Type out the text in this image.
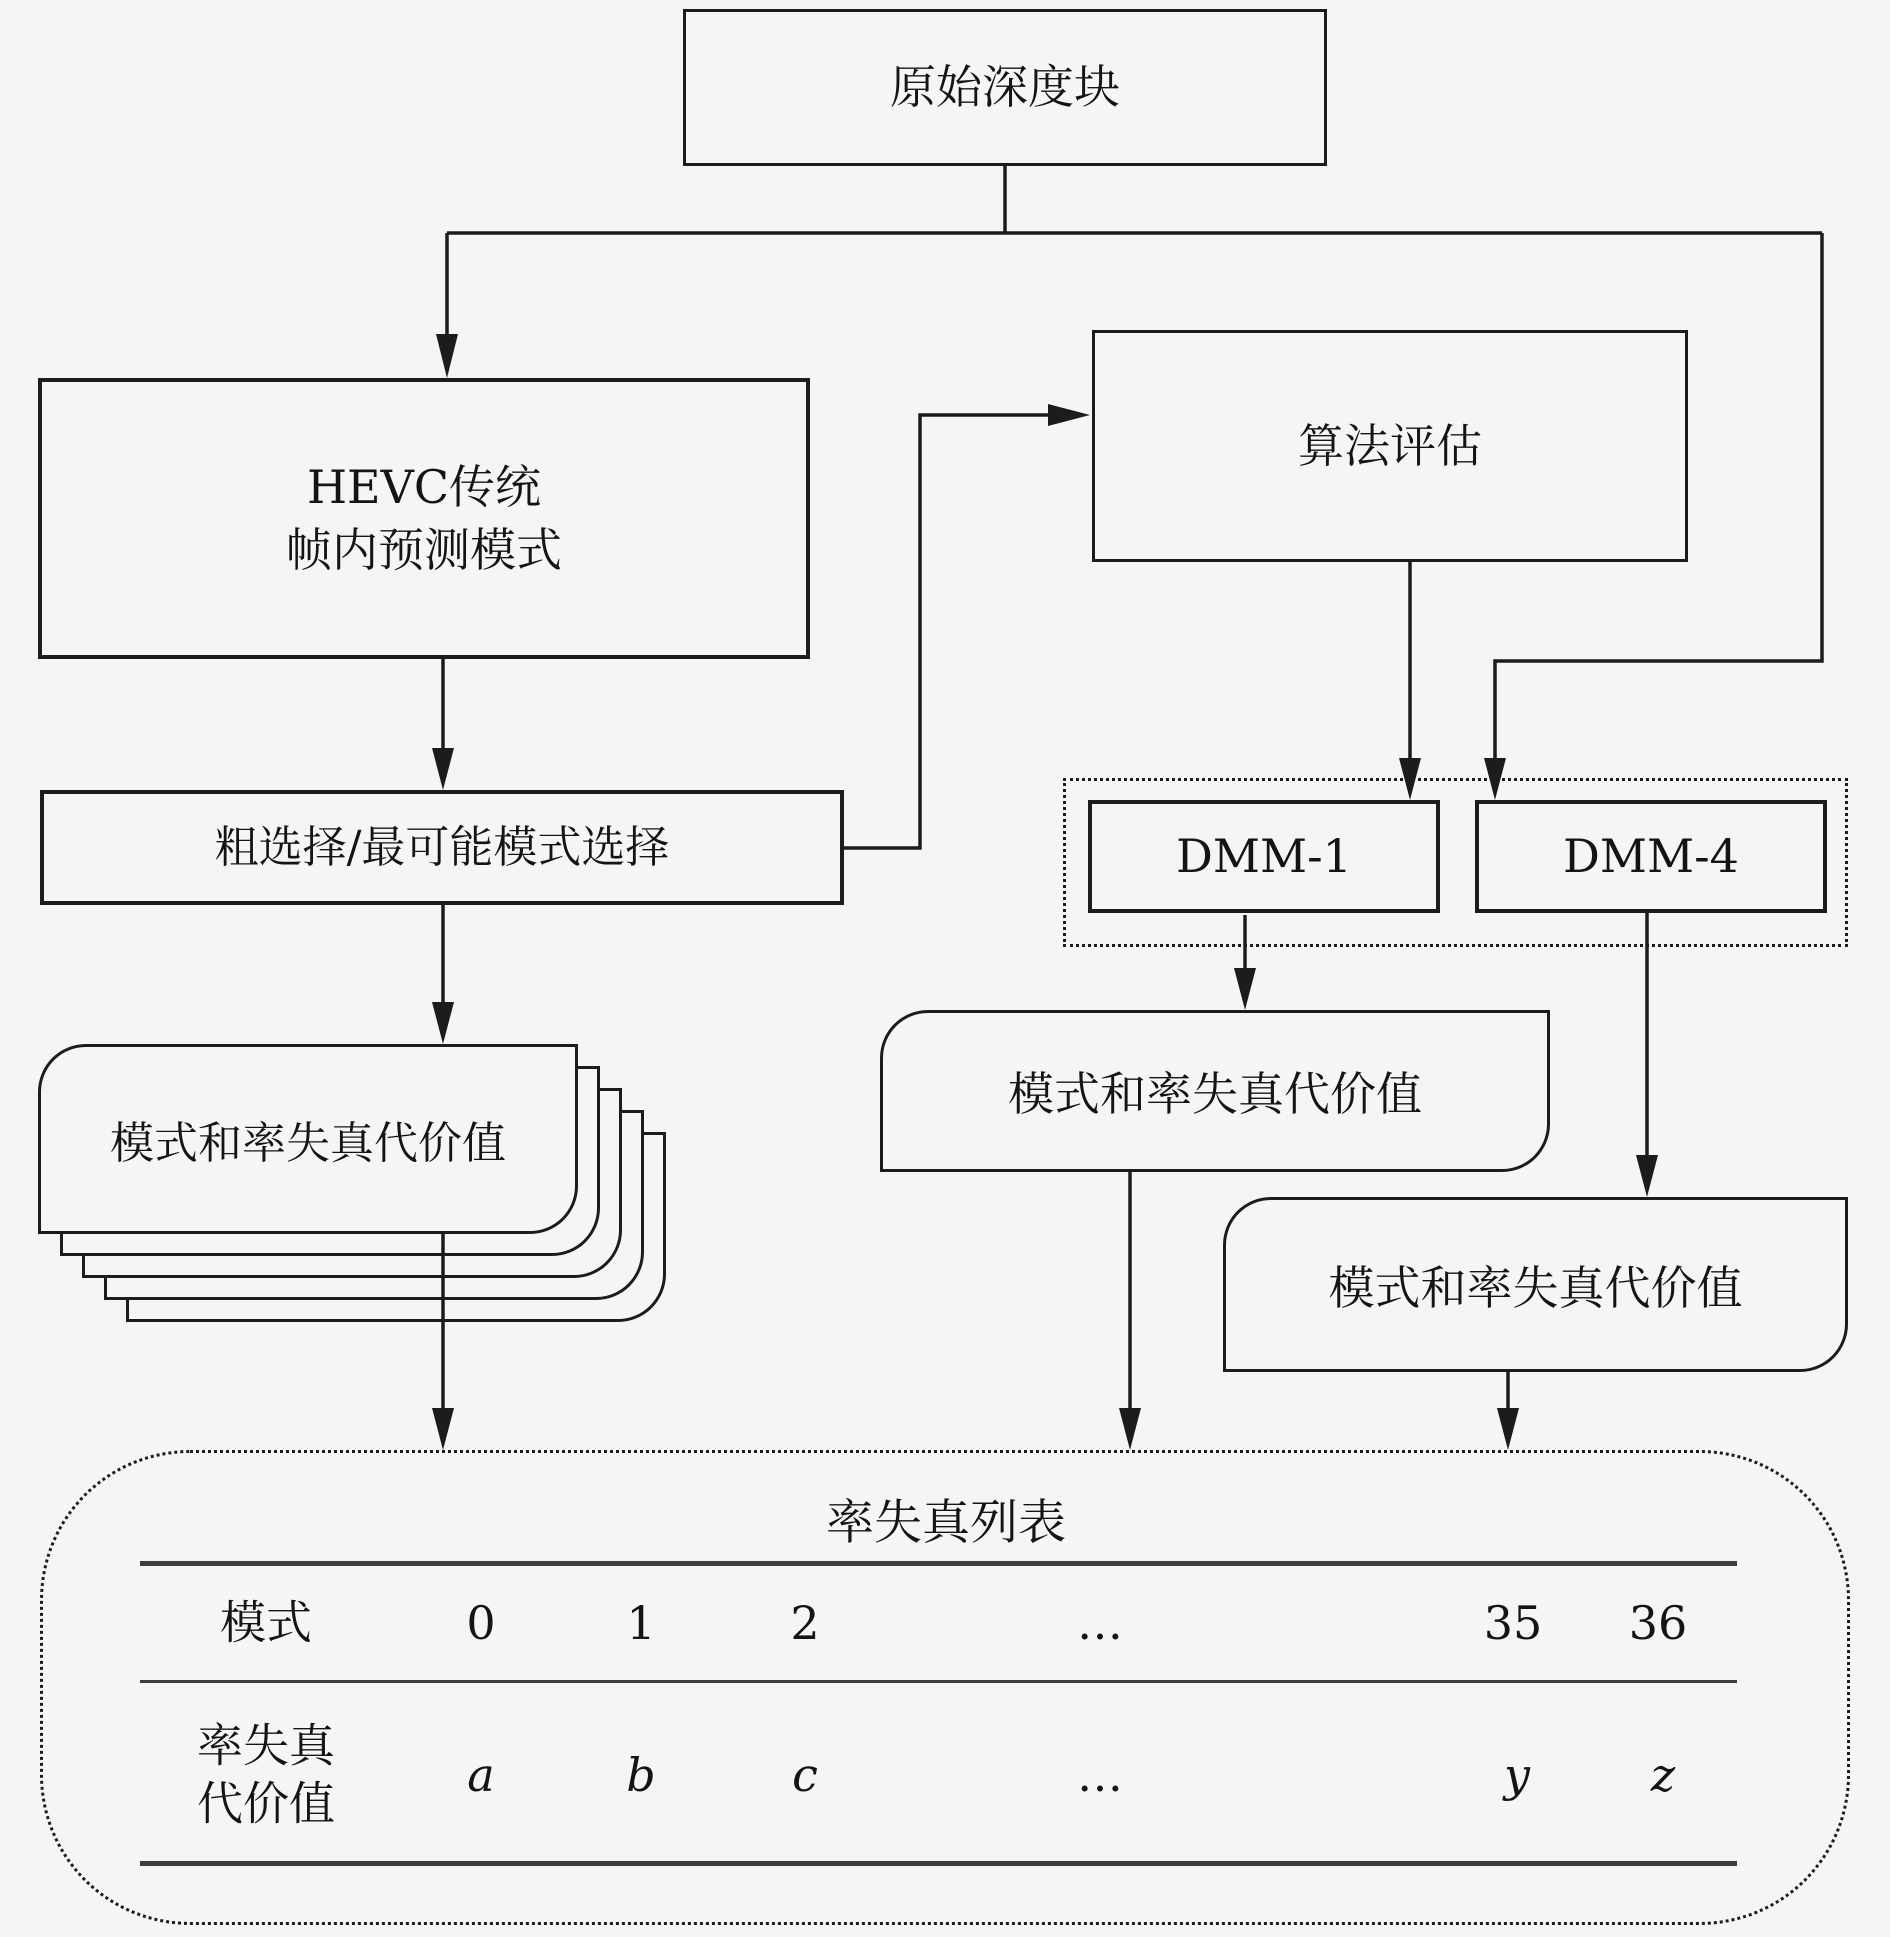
原始深度块
HEVC传统
帧内预测模式
算法评估
粗选择/最可能模式选择	DMM-1	DMM-4
模式和率失真代价值
模式和率失真代价值
模式和率失真代价值
率失真列表
模式	0	1	2	…	35 36
率失真
代价值
a	b	c	…	y	z
